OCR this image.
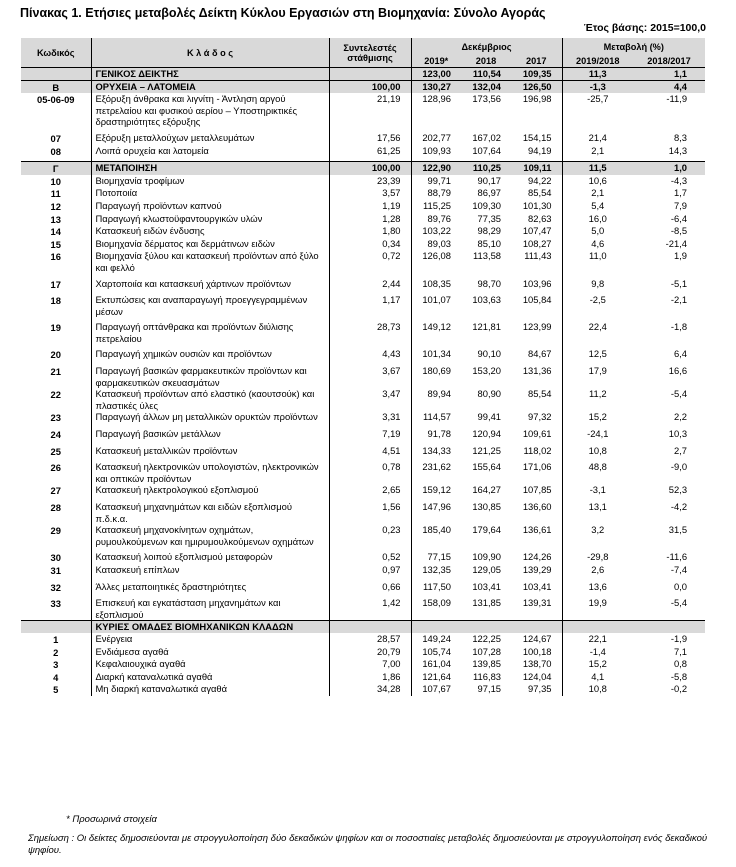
Πίνακας 1. Ετήσιες μεταβολές Δείκτη Κύκλου Εργασιών στη Βιομηχανία: Σύνολο Αγοράς
Έτος βάσης: 2015=100,0
Κωδικός	Κ λ ά δ ο ς	Συντελεστές στάθμισης	Δεκέμβριος			Μεταβολή (%)	
			2019*	2018	2017	2019/2018	2018/2017
	ΓΕΝΙΚΟΣ ΔΕΙΚΤΗΣ		123,00	110,54	109,35	11,3	1,1
Β	ΟΡΥΧΕΙΑ – ΛΑΤΟΜΕΙΑ	100,00	130,27	132,04	126,50	-1,3	4,4
05-06-09	Εξόρυξη άνθρακα και λιγνίτη - Άντληση αργού πετρελαίου και φυσικού αερίου – Υποστηρικτικές δραστηριότητες εξόρυξης	21,19	128,96	173,56	196,98	-25,7	-11,9

07	Εξόρυξη μεταλλούχων μεταλλευμάτων	17,56	202,77	167,02	154,15	21,4	8,3
08	Λοιπά ορυχεία και λατομεία	61,25	109,93	107,64	94,19	2,1	14,3

Γ	ΜΕΤΑΠΟΙΗΣΗ	100,00	122,90	110,25	109,11	11,5	1,0
10	Βιομηχανία τροφίμων	23,39	99,71	90,17	94,22	10,6	-4,3
11	Ποτοποιία	3,57	88,79	86,97	85,54	2,1	1,7
12	Παραγωγή προϊόντων καπνού	1,19	115,25	109,30	101,30	5,4	7,9
13	Παραγωγή κλωστοϋφαντουργικών υλών	1,28	89,76	77,35	82,63	16,0	-6,4
14	Κατασκευή ειδών ένδυσης	1,80	103,22	98,29	107,47	5,0	-8,5
15	Βιομηχανία δέρματος και δερμάτινων ειδών	0,34	89,03	85,10	108,27	4,6	-21,4
16	Βιομηχανία ξύλου και κατασκευή προϊόντων από ξύλο και φελλό	0,72	126,08	113,58	111,43	11,0	1,9

17	Χαρτοποιία και κατασκευή χάρτινων προϊόντων	2,44	108,35	98,70	103,96	9,8	-5,1

18	Εκτυπώσεις και αναπαραγωγή προεγγεγραμμένων μέσων	1,17	101,07	103,63	105,84	-2,5	-2,1

19	Παραγωγή οπτάνθρακα και προϊόντων διύλισης πετρελαίου	28,73	149,12	121,81	123,99	22,4	-1,8

20	Παραγωγή χημικών ουσιών και προϊόντων	4,43	101,34	90,10	84,67	12,5	6,4

21	Παραγωγή βασικών φαρμακευτικών προϊόντων και φαρμακευτικών σκευασμάτων	3,67	180,69	153,20	131,36	17,9	16,6
22	Κατασκευή προϊόντων από ελαστικό (καουτσούκ) και πλαστικές ύλες	3,47	89,94	80,90	85,54	11,2	-5,4
23	Παραγωγή άλλων μη μεταλλικών ορυκτών προϊόντων	3,31	114,57	99,41	97,32	15,2	2,2

24	Παραγωγή βασικών μετάλλων	7,19	91,78	120,94	109,61	-24,1	10,3

25	Κατασκευή μεταλλικών προϊόντων	4,51	134,33	121,25	118,02	10,8	2,7

26	Κατασκευή ηλεκτρονικών υπολογιστών, ηλεκτρονικών και οπτικών προϊόντων	0,78	231,62	155,64	171,06	48,8	-9,0
27	Κατασκευή ηλεκτρολογικού εξοπλισμού	2,65	159,12	164,27	107,85	-3,1	52,3

28	Κατασκευή μηχανημάτων και ειδών εξοπλισμού π.δ.κ.α.	1,56	147,96	130,85	136,60	13,1	-4,2
29	Κατασκευή μηχανοκίνητων οχημάτων, ρυμουλκούμενων και ημιρυμουλκούμενων οχημάτων	0,23	185,40	179,64	136,61	3,2	31,5

30	Κατασκευή λοιπού εξοπλισμού μεταφορών	0,52	77,15	109,90	124,26	-29,8	-11,6
31	Κατασκευή επίπλων	0,97	132,35	129,05	139,29	2,6	-7,4

32	Άλλες μεταποιητικές δραστηριότητες	0,66	117,50	103,41	103,41	13,6	0,0

33	Επισκευή και εγκατάσταση μηχανημάτων και εξοπλισμού	1,42	158,09	131,85	139,31	19,9	-5,4
	ΚΥΡΙΕΣ ΟΜΑΔΕΣ ΒΙΟΜΗΧΑΝΙΚΩΝ ΚΛΑΔΩΝ						
1	Ενέργεια	28,57	149,24	122,25	124,67	22,1	-1,9
2	Ενδιάμεσα αγαθά	20,79	105,74	107,28	100,18	-1,4	7,1
3	Κεφαλαιουχικά αγαθά	7,00	161,04	139,85	138,70	15,2	0,8
4	Διαρκή καταναλωτικά αγαθά	1,86	121,64	116,83	124,04	4,1	-5,8
5	Μη διαρκή καταναλωτικά αγαθά	34,28	107,67	97,15	97,35	10,8	-0,2
* Προσωρινά στοιχεία
Σημείωση : Οι δείκτες δημοσιεύονται με στρογγυλοποίηση δύο δεκαδικών ψηφίων και οι ποσοστιαίες μεταβολές δημοσιεύονται με στρογγυλοποίηση ενός δεκαδικού ψηφίου.
